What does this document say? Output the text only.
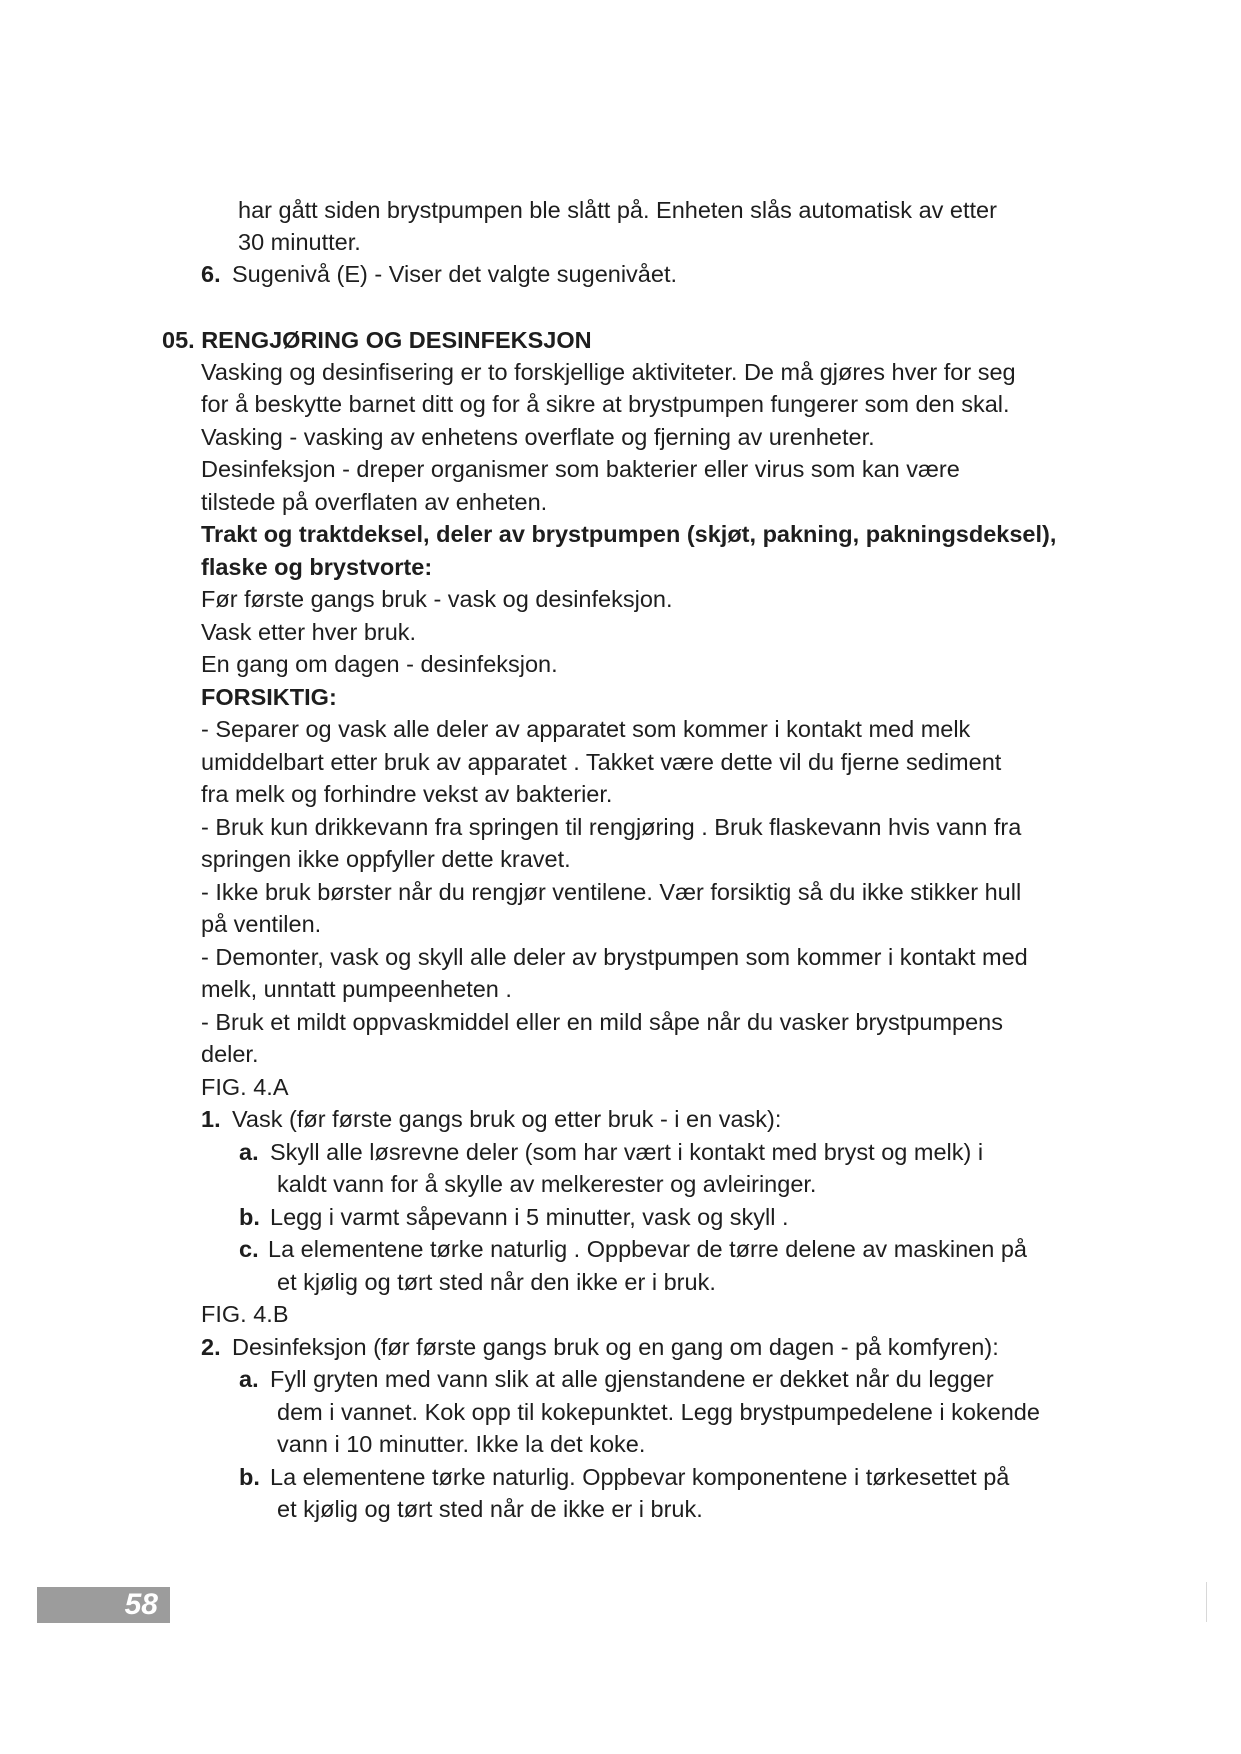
har gått siden brystpumpen ble slått på. Enheten slås automatisk av etter
30 minutter.
6. Sugenivå (E) - Viser det valgte sugenivået.
05. RENGJØRING OG DESINFEKSJON
Vasking og desinfisering er to forskjellige aktiviteter. De må gjøres hver for seg
for å beskytte barnet ditt og for å sikre at brystpumpen fungerer som den skal.
Vasking - vasking av enhetens overflate og fjerning av urenheter.
Desinfeksjon - dreper organismer som bakterier eller virus som kan være
tilstede på overflaten av enheten.
Trakt og traktdeksel, deler av brystpumpen (skjøt, pakning, pakningsdeksel),
flaske og brystvorte:
Før første gangs bruk - vask og desinfeksjon.
Vask etter hver bruk.
En gang om dagen - desinfeksjon.
FORSIKTIG:
- Separer og vask alle deler av apparatet som kommer i kontakt med melk
umiddelbart etter bruk av apparatet . Takket være dette vil du fjerne sediment
fra melk og forhindre vekst av bakterier.
- Bruk kun drikkevann fra springen til rengjøring . Bruk flaskevann hvis vann fra
springen ikke oppfyller dette kravet.
- Ikke bruk børster når du rengjør ventilene. Vær forsiktig så du ikke stikker hull
på ventilen.
- Demonter, vask og skyll alle deler av brystpumpen som kommer i kontakt med
melk, unntatt pumpeenheten .
- Bruk et mildt oppvaskmiddel eller en mild såpe når du vasker brystpumpens
deler.
FIG. 4.A
1. Vask (før første gangs bruk og etter bruk - i en vask):
a. Skyll alle løsrevne deler (som har vært i kontakt med bryst og melk) i
kaldt vann for å skylle av melkerester og avleiringer.
b. Legg i varmt såpevann i 5 minutter, vask og skyll .
c. La elementene tørke naturlig . Oppbevar de tørre delene av maskinen på
et kjølig og tørt sted når den ikke er i bruk.
FIG. 4.B
2. Desinfeksjon (før første gangs bruk og en gang om dagen - på komfyren):
a. Fyll gryten med vann slik at alle gjenstandene er dekket når du legger
dem i vannet. Kok opp til kokepunktet. Legg brystpumpedelene i kokende
vann i 10 minutter. Ikke la det koke.
b. La elementene tørke naturlig. Oppbevar komponentene i tørkesettet på
et kjølig og tørt sted når de ikke er i bruk.
58
